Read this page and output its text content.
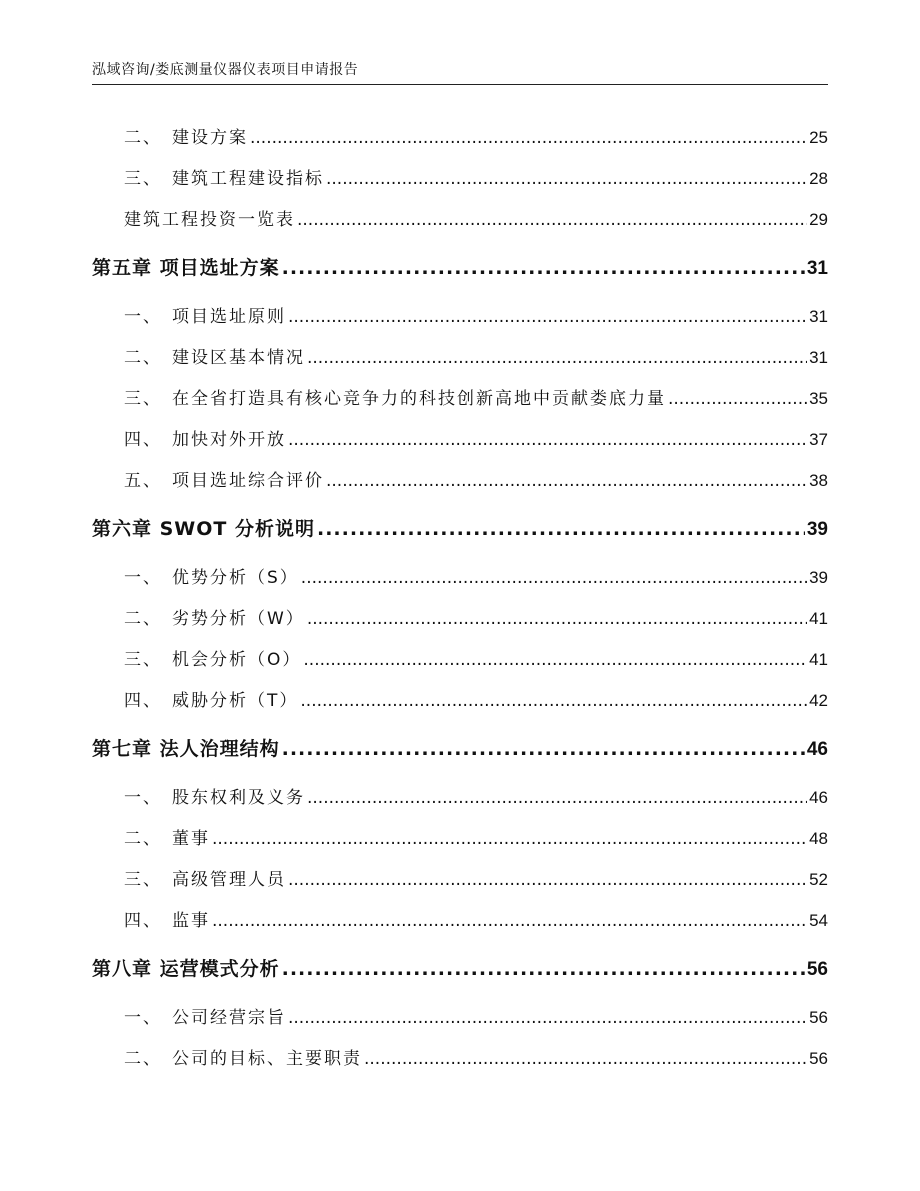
泓域咨询/娄底测量仪器仪表项目申请报告
二、 建设方案 .....	25
三、 建筑工程建设指标 .....	28
建筑工程投资一览表 .....	29
第五章 项目选址方案 .....	31
一、 项目选址原则 .....	31
二、 建设区基本情况 .....	31
三、 在全省打造具有核心竞争力的科技创新高地中贡献娄底力量 .....	35
四、 加快对外开放 .....	37
五、 项目选址综合评价 .....	38
第六章 SWOT 分析说明 .....	39
一、 优势分析（S） .....	39
二、 劣势分析（W） .....	41
三、 机会分析（O） .....	41
四、 威胁分析（T） .....	42
第七章 法人治理结构 .....	46
一、 股东权利及义务 .....	46
二、 董事 .....	48
三、 高级管理人员 .....	52
四、 监事 .....	54
第八章 运营模式分析 .....	56
一、 公司经营宗旨 .....	56
二、 公司的目标、主要职责 .....	56
